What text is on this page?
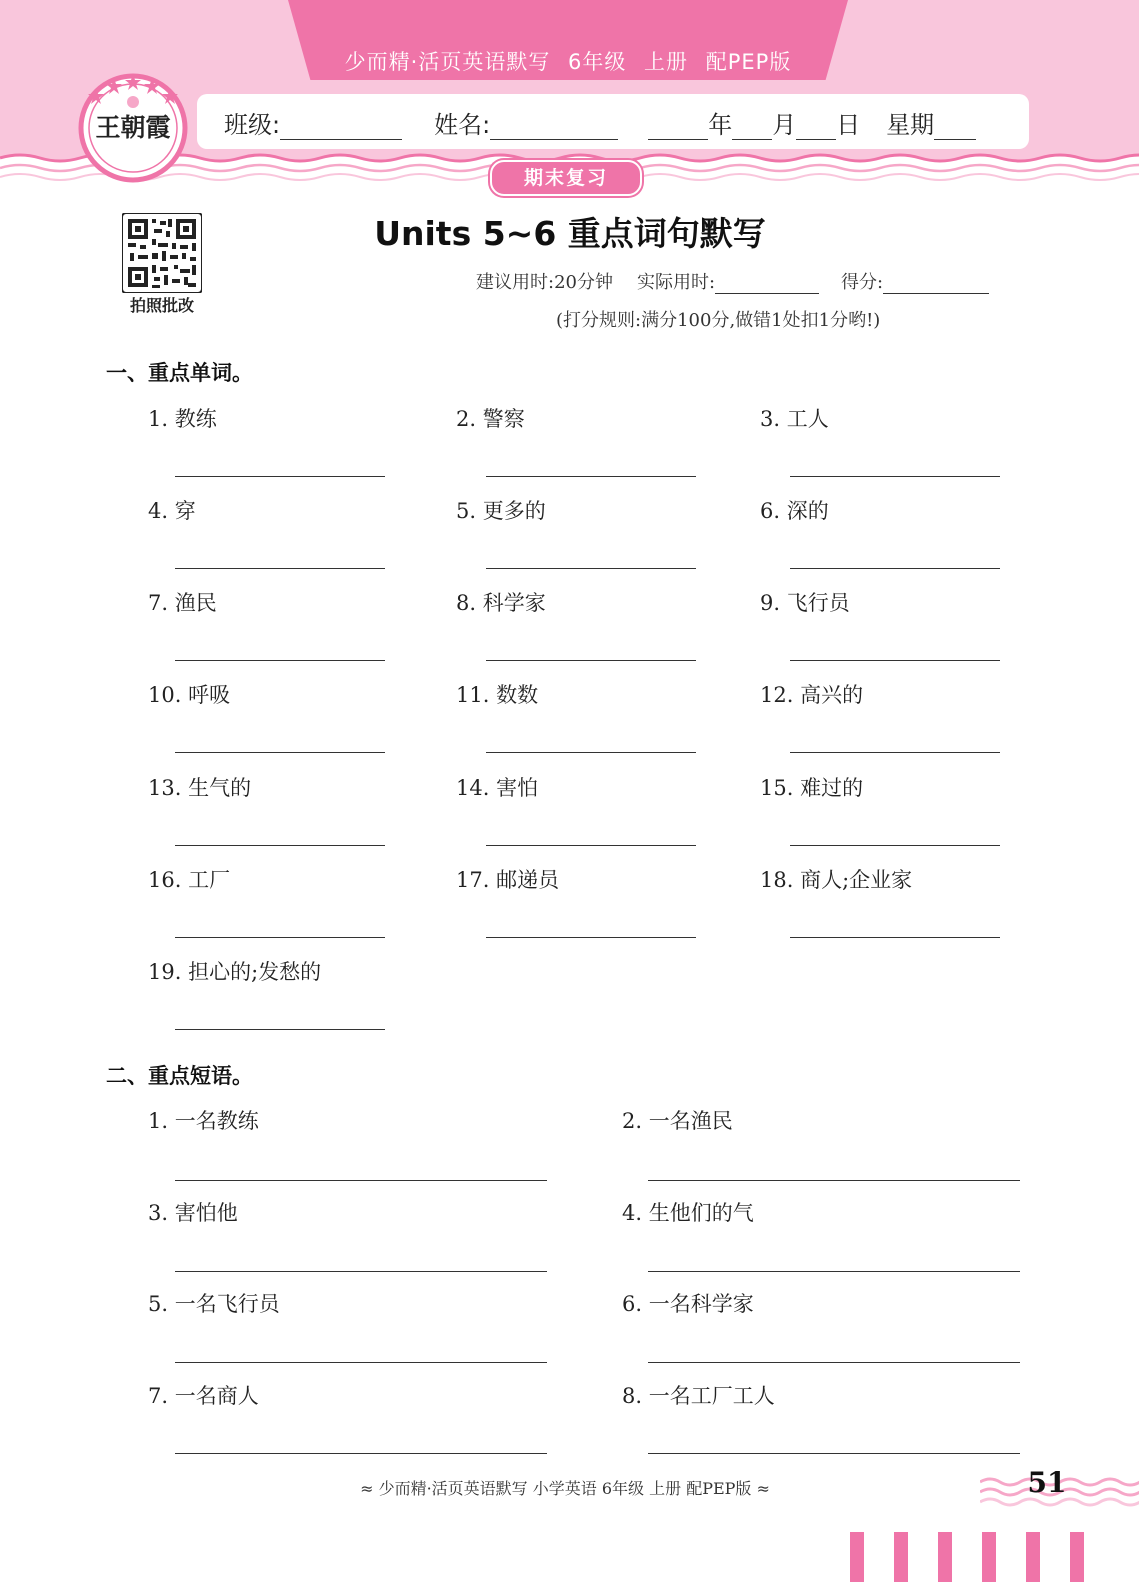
少而精·活页英语默写 6年级 上册 配PEP版
王朝霞	班级:	姓名:	年 月 日 星期
期末复习
拍照批改
Units 5~6 重点词句默写
建议用时:20分钟 实际用时:	得分:
(打分规则:满分100分,做错1处扣1分哟!)
一、重点单词。
1. 教练	2. 警察	3. 工人
4. 穿	5. 更多的	6. 深的
7. 渔民	8. 科学家	9. 飞行员
10. 呼吸	11. 数数	12. 高兴的
13. 生气的	14. 害怕	15. 难过的
16. 工厂	17. 邮递员	18. 商人;企业家
19. 担心的;发愁的
二、重点短语。
1. 一名教练	2. 一名渔民
3. 害怕他	4. 生他们的气
5. 一名飞行员	6. 一名科学家
7. 一名商人	8. 一名工厂工人
≈ 少而精·活页英语默写 小学英语 6年级 上册 配PEP版 ≈	51
